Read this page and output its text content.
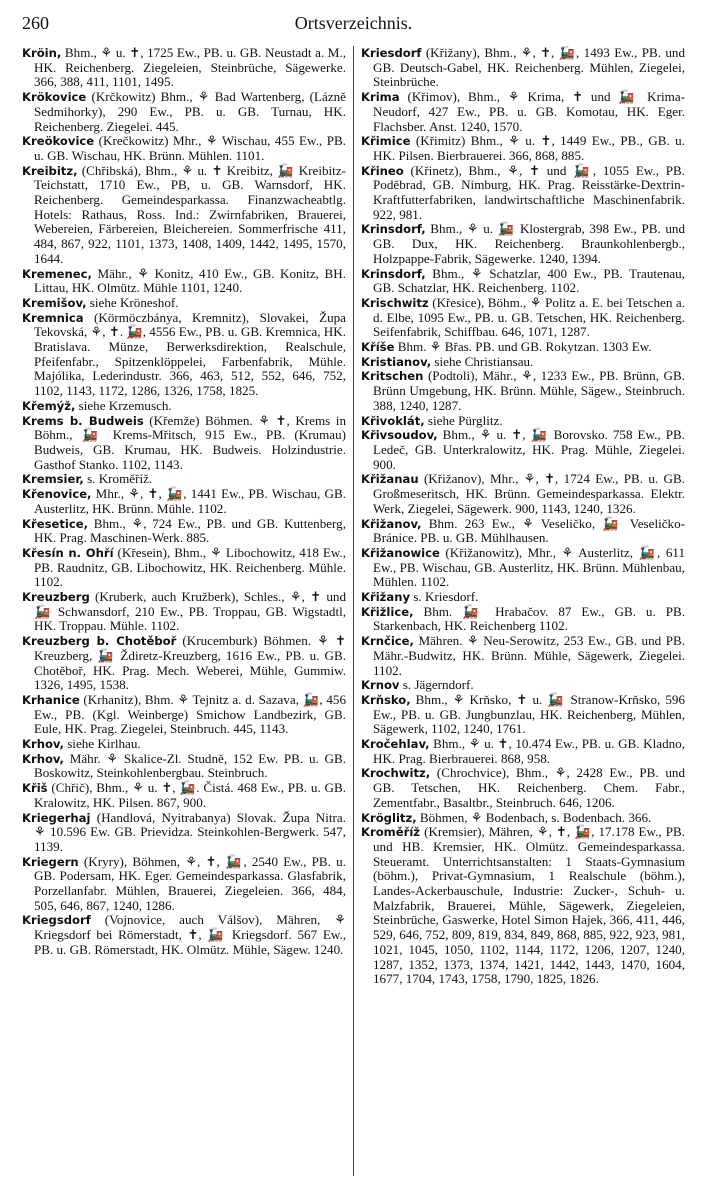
260	Ortsverzeichnis.

Kröin, Bhm., ⚘ u. ✝, 1725 Ew., PB. u. GB. Neustadt a. M., HK. Reichenberg. Ziegeleien, Steinbrüche, Sägewerke. 366, 388, 411, 1101, 1495.

Krökovice (Krčkowitz) Bhm., ⚘ Bad Wartenberg, (Lázně Sedmihorky), 290 Ew., PB. u. GB. Turnau, HK. Reichenberg. Ziegelei. 445.

Kreökovice (Krečkowitz) Mhr., ⚘ Wischau, 455 Ew., PB. u. GB. Wischau, HK. Brünn. Mühlen. 1101.

Kreibitz, (Chřibská), Bhm., ⚘ u. ✝ Kreibitz, 🚂 Kreibitz-Teichstatt, 1710 Ew., PB, u. GB. Warnsdorf, HK. Reichenberg. Gemeindesparkassa. Finanzwacheabtlg. Hotels: Rathaus, Ross. Ind.: Zwirnfabriken, Brauerei, Webereien, Färbereien, Bleichereien. Sommerfrische 411, 484, 867, 922, 1101, 1373, 1408, 1409, 1442, 1495, 1570, 1644.

Kremenec, Mähr., ⚘ Konitz, 410 Ew., GB. Konitz, BH. Littau, HK. Olmütz. Mühle 1101, 1240.

Kremišov, siehe Kröneshof.

Kremnica (Körmöczbánya, Kremnitz), Slovakei, Župa Tekovská, ⚘, ✝. 🚂, 4556 Ew., PB. u. GB. Kremnica, HK. Bratislava. Münze, Berwerksdirektion, Realschule, Pfeifenfabr., Spitzenklöppelei, Farbenfabrik, Mühle. Majólika, Lederindustr. 366, 463, 512, 552, 646, 752, 1102, 1143, 1172, 1286, 1326, 1758, 1825.

Křemýž, siehe Krzemusch.

Krems b. Budweis (Křemže) Böhmen. ⚘ ✝, Krems in Böhm., 🚂 Krems-Mřitsch, 915 Ew., PB. (Krumau) Budweis, GB. Krumau, HK. Budweis. Holzindustrie. Gasthof Stanko. 1102, 1143.

Kremsier, s. Kroměříž.

Křenovice, Mhr., ⚘, ✝, 🚂, 1441 Ew., PB. Wischau, GB. Austerlitz, HK. Brünn. Mühle. 1102.

Křesetice, Bhm., ⚘, 724 Ew., PB. und GB. Kuttenberg, HK. Prag. Maschinen-Werk. 885.

Křesín n. Ohří (Křesein), Bhm., ⚘ Libochowitz, 418 Ew., PB. Raudnitz, GB. Libochowitz, HK. Reichenberg. Mühle. 1102.

Kreuzberg (Kruberk, auch Kružberk), Schles., ⚘, ✝ und 🚂 Schwansdorf, 210 Ew., PB. Troppau, GB. Wigstadtl, HK. Troppau. Mühle. 1102.

Kreuzberg b. Chotěboř (Krucemburk) Böhmen. ⚘ ✝ Kreuzberg, 🚂 Ždiretz-Kreuzberg, 1616 Ew., PB. u. GB. Chotěboř, HK. Prag. Mech. Weberei, Mühle, Gummiw. 1326, 1495, 1538.

Krhanice (Krhanitz), Bhm. ⚘ Tejnitz a. d. Sazava, 🚂, 456 Ew., PB. (Kgl. Weinberge) Smichow Landbezirk, GB. Eule, HK. Prag. Ziegelei, Steinbruch. 445, 1143.

Krhov, siehe Kirlhau.

Krhov, Mähr. ⚘ Skalice-Zl. Studně, 152 Ew. PB. u. GB. Boskowitz, Steinkohlenbergbau. Steinbruch.

Křiš (Chřič), Bhm., ⚘ u. ✝, 🚂. Čistá. 468 Ew., PB. u. GB. Kralowitz, HK. Pilsen. 867, 900.

Kriegerhaj (Handlová, Nyitrabanya) Slovak. Župa Nitra. ⚘ 10.596 Ew. GB. Prievidza. Steinkohlen-Bergwerk. 547, 1139.

Kriegern (Kryry), Böhmen, ⚘, ✝, 🚂, 2540 Ew., PB. u. GB. Podersam, HK. Eger. Gemeindesparkassa. Glasfabrik, Porzellanfabr. Mühlen, Brauerei, Ziegeleien. 366, 484, 505, 646, 867, 1240, 1286.

Kriegsdorf (Vojnovice, auch Válšov), Mähren, ⚘ Kriegsdorf bei Römerstadt, ✝, 🚂 Kriegsdorf. 567 Ew., PB. u. GB. Römerstadt, HK. Olmütz. Mühle, Sägew. 1240.

Kriesdorf (Křižany), Bhm., ⚘, ✝, 🚂, 1493 Ew., PB. und GB. Deutsch-Gabel, HK. Reichenberg. Mühlen, Ziegelei, Steinbrüche.

Krima (Křimov), Bhm., ⚘ Krima, ✝ und 🚂 Krima-Neudorf, 427 Ew., PB. u. GB. Komotau, HK. Eger. Flachsber. Anst. 1240, 1570.

Křimice (Křimitz) Bhm., ⚘ u. ✝, 1449 Ew., PB., GB. u. HK. Pilsen. Bierbrauerei. 366, 868, 885.

Křineo (Křinetz), Bhm., ⚘, ✝ und 🚂, 1055 Ew., PB. Poděbrad, GB. Nimburg, HK. Prag. Reisstärke-Dextrin-Kraftfutterfabriken, landwirtschaftliche Maschinenfabrik. 922, 981.

Krinsdorf, Bhm., ⚘ u. 🚂 Klostergrab, 398 Ew., PB. und GB. Dux, HK. Reichenberg. Braunkohlenbergb., Holzpappe-Fabrik, Sägewerke. 1240, 1394.

Krinsdorf, Bhm., ⚘ Schatzlar, 400 Ew., PB. Trautenau, GB. Schatzlar, HK. Reichenberg. 1102.

Krischwitz (Křesice), Böhm., ⚘ Politz a. E. bei Tetschen a. d. Elbe, 1095 Ew., PB. u. GB. Tetschen, HK. Reichenberg. Seifenfabrik, Schiffbau. 646, 1071, 1287.

Kříše Bhm. ⚘ Břas. PB. und GB. Rokytzan. 1303 Ew.

Kristianov, siehe Christiansau.

Kritschen (Podtoli), Mähr., ⚘, 1233 Ew., PB. Brünn, GB. Brünn Umgebung, HK. Brünn. Mühle, Sägew., Steinbruch. 388, 1240, 1287.

Křivoklát, siehe Pürglitz.

Křivsoudov, Bhm., ⚘ u. ✝, 🚂 Borovsko. 758 Ew., PB. Ledeč, GB. Unterkralowitz, HK. Prag. Mühle, Ziegelei. 900.

Křižanau (Křižanov), Mhr., ⚘, ✝, 1724 Ew., PB. u. GB. Großmeseritsch, HK. Brünn. Gemeindesparkassa. Elektr. Werk, Ziegelei, Sägewerk. 900, 1143, 1240, 1326.

Křižanov, Bhm. 263 Ew., ⚘ Veseličko, 🚂 Veseličko-Bránice. PB. u. GB. Mühlhausen.

Křižanowice (Křižanowitz), Mhr., ⚘ Austerlitz, 🚂, 611 Ew., PB. Wischau, GB. Austerlitz, HK. Brünn. Mühlenbau, Mühlen. 1102.

Křižany s. Kriesdorf.

Křižlice, Bhm. 🚂 Hrabačov. 87 Ew., GB. u. PB. Starkenbach, HK. Reichenberg 1102.

Krnčice, Mähren. ⚘ Neu-Serowitz, 253 Ew., GB. und PB. Mähr.-Budwitz, HK. Brünn. Mühle, Sägewerk, Ziegelei. 1102.

Krnov s. Jägerndorf.

Krňsko, Bhm., ⚘ Krňsko, ✝ u. 🚂 Stranow-Krňsko, 596 Ew., PB. u. GB. Jungbunzlau, HK. Reichenberg, Mühlen, Sägewerk, 1102, 1240, 1761.

Kročehlav, Bhm., ⚘ u. ✝, 10.474 Ew., PB. u. GB. Kladno, HK. Prag. Bierbrauerei. 868, 958.

Krochwitz, (Chrochvice), Bhm., ⚘, 2428 Ew., PB. und GB. Tetschen, HK. Reichenberg. Chem. Fabr., Zementfabr., Basaltbr., Steinbruch. 646, 1206.

Kröglitz, Böhmen, ⚘ Bodenbach, s. Bodenbach. 366.

Kroměříž (Kremsier), Mähren, ⚘, ✝, 🚂, 17.178 Ew., PB. und HB. Kremsier, HK. Olmütz. Gemeindesparkassa. Steueramt. Unterrichtsanstalten: 1 Staats-Gymnasium (böhm.), Privat-Gymnasium, 1 Realschule (böhm.), Landes-Ackerbauschule, Industrie: Zucker-, Schuh- u. Malzfabrik, Brauerei, Mühle, Sägewerk, Ziegeleien, Steinbrüche, Gaswerke, Hotel Simon Hajek, 366, 411, 446, 529, 646, 752, 809, 819, 834, 849, 868, 885, 922, 923, 981, 1021, 1045, 1050, 1102, 1144, 1172, 1206, 1207, 1240, 1287, 1352, 1373, 1374, 1421, 1442, 1443, 1470, 1604, 1677, 1704, 1743, 1758, 1790, 1825, 1826.
